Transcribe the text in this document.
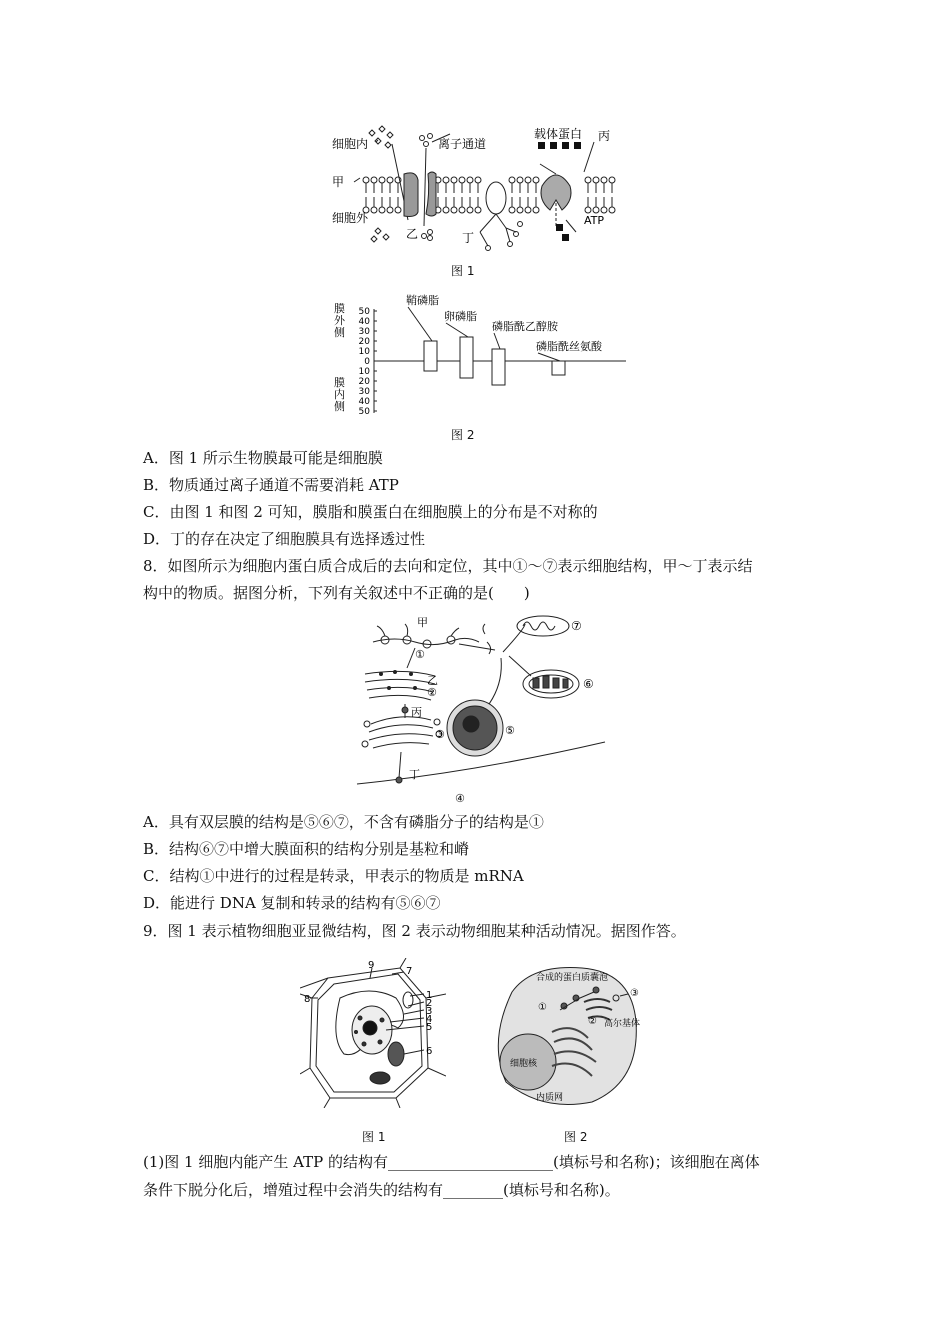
细胞内
甲
细胞外
乙
离子通道
载体蛋白 丙
丁
ATP
图 1
50
40
30
20
10
0
10
20
30
40
50
膜
外
侧
膜
内
侧
鞘磷脂
卵磷脂
磷脂酰乙醇胺
磷脂酰丝氨酸
图 2
A．图 1 所示生物膜最可能是细胞膜
B．物质通过离子通道不需要消耗 ATP
C．由图 1 和图 2 可知，膜脂和膜蛋白在细胞膜上的分布是不对称的
D．丁的存在决定了细胞膜具有选择透过性
8．如图所示为细胞内蛋白质合成后的去向和定位，其中①～⑦表示细胞结构，甲～丁表示结
构中的物质。据图分析，下列有关叙述中不正确的是(　　)
甲
①
⑦
⑥
乙
②
丙
③	⑤
丁
④
A．具有双层膜的结构是⑤⑥⑦，不含有磷脂分子的结构是①
B．结构⑥⑦中增大膜面积的结构分别是基粒和嵴
C．结构①中进行的过程是转录，甲表示的物质是 mRNA
D．能进行 DNA 复制和转录的结构有⑤⑥⑦
9．图 1 表示植物细胞亚显微结构，图 2 表示动物细胞某种活动情况。据图作答。
1
2
3
4
5
6
7
8
9
图 1
合成的蛋白质 囊泡
①
②
③
高尔基体
细胞核
内质网
图 2
(1)图 1 细胞内能产生 ATP 的结构有______________________(填标号和名称)；该细胞在离体
条件下脱分化后，增殖过程中会消失的结构有________(填标号和名称)。
